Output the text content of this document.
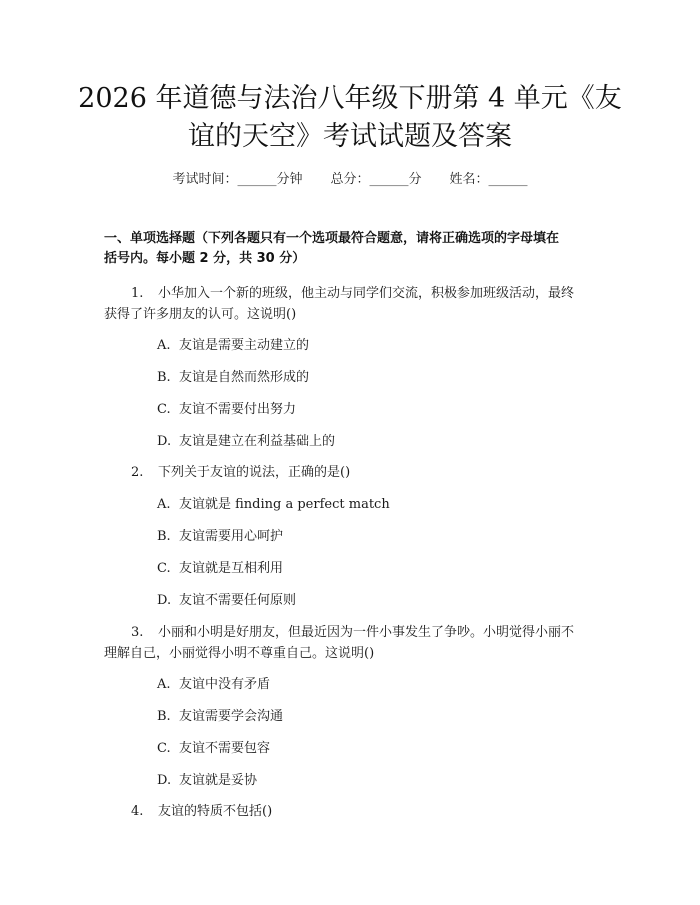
2026 年道德与法治八年级下册第 4 单元《友
谊的天空》考试试题及答案
考试时间：______分钟 总分：______分 姓名：______
一、单项选择题（下列各题只有一个选项最符合题意，请将正确选项的字母填在
括号内。每小题 2 分，共 30 分）
1. 小华加入一个新的班级，他主动与同学们交流，积极参加班级活动，最终
获得了许多朋友的认可。这说明()
A. 友谊是需要主动建立的
B. 友谊是自然而然形成的
C. 友谊不需要付出努力
D. 友谊是建立在利益基础上的
2. 下列关于友谊的说法，正确的是()
A. 友谊就是 finding a perfect match
B. 友谊需要用心呵护
C. 友谊就是互相利用
D. 友谊不需要任何原则
3. 小丽和小明是好朋友，但最近因为一件小事发生了争吵。小明觉得小丽不
理解自己，小丽觉得小明不尊重自己。这说明()
A. 友谊中没有矛盾
B. 友谊需要学会沟通
C. 友谊不需要包容
D. 友谊就是妥协
4. 友谊的特质不包括()
